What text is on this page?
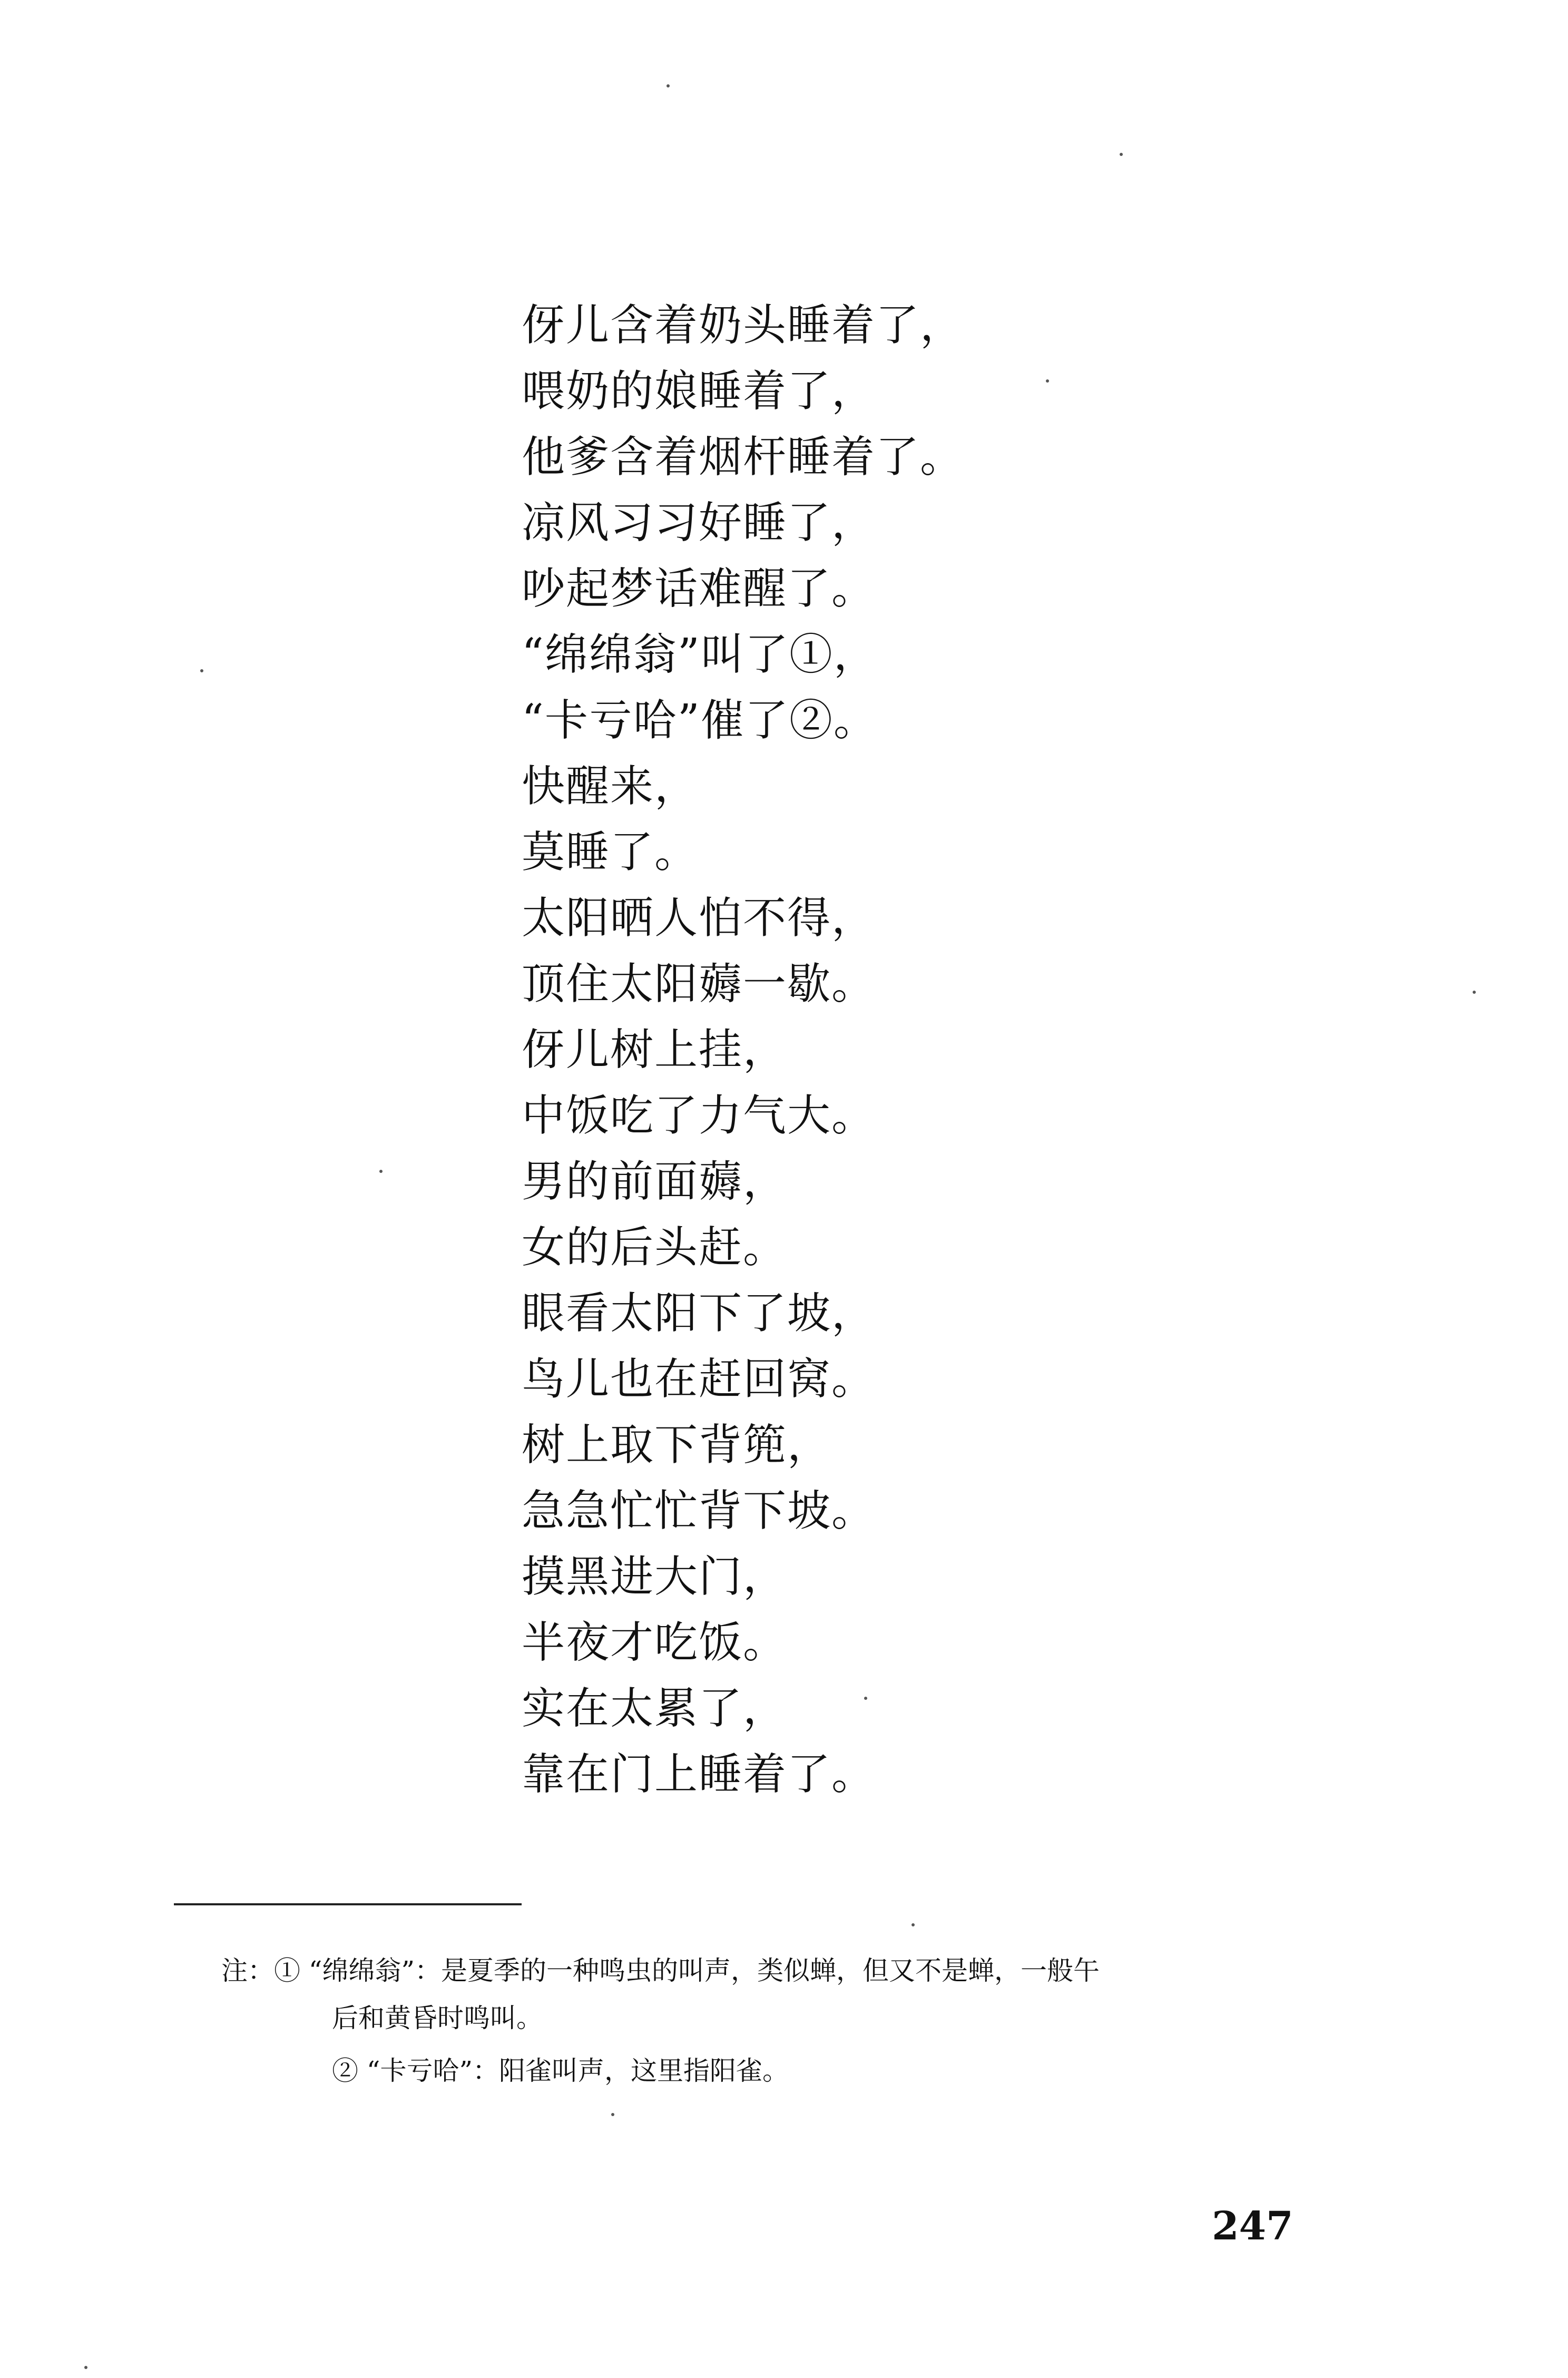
伢儿含着奶头睡着了，
喂奶的娘睡着了，
他爹含着烟杆睡着了。
凉风习习好睡了，
吵起梦话难醒了。
“绵绵翁”叫了①，
“卡亏哈”催了②。
快醒来，
莫睡了。
太阳晒人怕不得，
顶住太阳薅一歇。
伢儿树上挂，
中饭吃了力气大。
男的前面薅，
女的后头赶。
眼看太阳下了坡，
鸟儿也在赶回窝。
树上取下背篼，
急急忙忙背下坡。
摸黑进大门，
半夜才吃饭。
实在太累了，
靠在门上睡着了。
注：① “绵绵翁”：是夏季的一种鸣虫的叫声，类似蝉，但又不是蝉，一般午
后和黄昏时鸣叫。
② “卡亏哈”：阳雀叫声，这里指阳雀。
247
